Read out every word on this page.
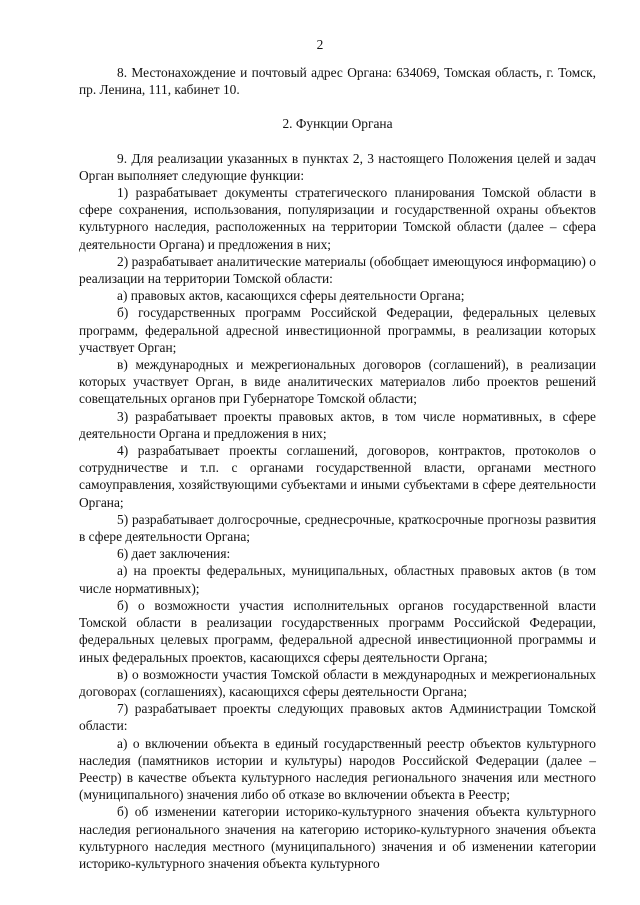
2

8. Местонахождение и почтовый адрес Органа: 634069, Томская область, г. Томск, пр. Ленина, 111, кабинет 10.

2. Функции Органа

9. Для реализации указанных в пунктах 2, 3 настоящего Положения целей и задач Орган выполняет следующие функции:

1) разрабатывает документы стратегического планирования Томской области в сфере сохранения, использования, популяризации и государственной охраны объектов культурного наследия, расположенных на территории Томской области (далее – сфера деятельности Органа) и предложения в них;

2) разрабатывает аналитические материалы (обобщает имеющуюся информацию) о реализации на территории Томской области:

а) правовых актов, касающихся сферы деятельности Органа;

б) государственных программ Российской Федерации, федеральных целевых программ, федеральной адресной инвестиционной программы, в реализации которых участвует Орган;

в) международных и межрегиональных договоров (соглашений), в реализации которых участвует Орган, в виде аналитических материалов либо проектов решений совещательных органов при Губернаторе Томской области;

3) разрабатывает проекты правовых актов, в том числе нормативных, в сфере деятельности Органа и предложения в них;

4) разрабатывает проекты соглашений, договоров, контрактов, протоколов о сотрудничестве и т.п. с органами государственной власти, органами местного самоуправления, хозяйствующими субъектами и иными субъектами в сфере деятельности Органа;

5) разрабатывает долгосрочные, среднесрочные, краткосрочные прогнозы развития в сфере деятельности Органа;

6) дает заключения:

а) на проекты федеральных, муниципальных, областных правовых актов (в том числе нормативных);

б) о возможности участия исполнительных органов государственной власти Томской области в реализации государственных программ Российской Федерации, федеральных целевых программ, федеральной адресной инвестиционной программы и иных федеральных проектов, касающихся сферы деятельности Органа;

в) о возможности участия Томской области в международных и межрегиональных договорах (соглашениях), касающихся сферы деятельности Органа;

7) разрабатывает проекты следующих правовых актов Администрации Томской области:

а) о включении объекта в единый государственный реестр объектов культурного наследия (памятников истории и культуры) народов Российской Федерации (далее – Реестр) в качестве объекта культурного наследия регионального значения или местного (муниципального) значения либо об отказе во включении объекта в Реестр;

б) об изменении категории историко-культурного значения объекта культурного наследия регионального значения на категорию историко-культурного значения объекта культурного наследия местного (муниципального) значения и об изменении категории историко-культурного значения объекта культурного
